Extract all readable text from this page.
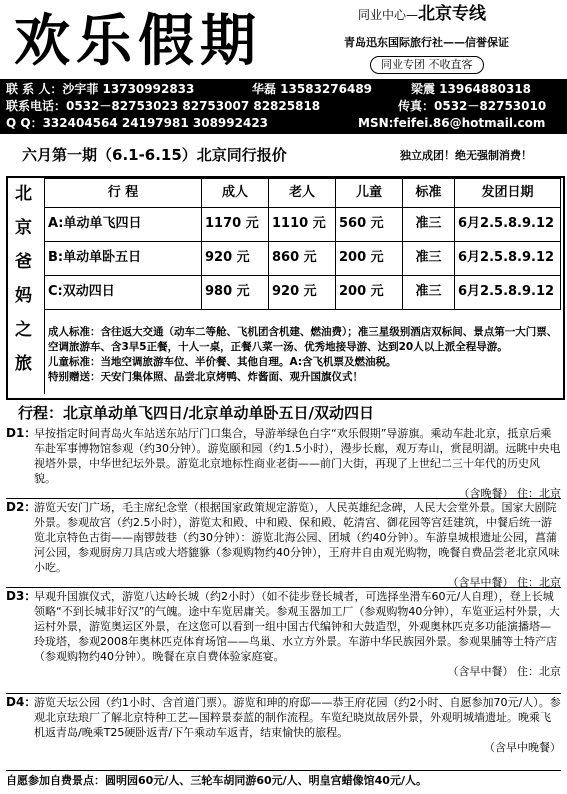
欢乐假期	同业中心—北京专线
青岛迅东国际旅行社——信誉保证
同业专团 不收直客
联 系 人：沙宇菲 13730992833	华磊 13583276489	梁震 13964880318
联系电话：0532－82753023 82753007 82825818	传真：0532－82753010
Q Q：332404564 24197981 308992423	MSN:feifei.86@hotmail.com
六月第一期（6.1-6.15）北京同行报价	独立成团！绝无强制消费！
北
京
爸
妈
之
旅
行 程	成人	老人	儿童	标准	发团日期
A:单动单飞四日	1170 元	1110 元	560 元	准三	6月2.5.8.9.12
B:单动单卧五日	920 元	860 元	200 元	准三	6月2.5.8.9.12
C:双动四日	980 元	920 元	200 元	准三	6月2.5.8.9.12
成人标准：含往返大交通（动车二等舱、飞机团含机建、燃油费）；准三星级别酒店双标间、景点第一大门票、空调旅游车、含3早5正餐，十人一桌，正餐八菜一汤、优秀地接导游、达到20人以上派全程导游。
儿童标准：当地空调旅游车位、半价餐、其他自理。A:含飞机票及燃油税。
特别赠送：天安门集体照、品尝北京烤鸭、炸酱面、观升国旗仪式！
行程：北京单动单飞四日/北京单动单卧五日/双动四日
D1：
早按指定时间青岛火车站送东站厅门口集合，导游举绿色白字“欢乐假期”导游旗。乘动车赴北京，抵京后乘车赴军事博物馆参观（约30分钟）。游览颐和园（约1.5小时），漫步长廊，观万寿山，赏昆明湖。远眺中央电视塔外景，中华世纪坛外景。游览北京地标性商业老街——前门大街，再现了上世纪二三十年代的历史风貌。
（含晚餐） 住：北京
D2：
游览天安门广场，毛主席纪念堂（根据国家政策规定游览），人民英雄纪念碑，人民大会堂外景。国家大剧院外景。参观故宫（约2.5小时），游览太和殿、中和殿、保和殿、乾清宫、御花园等宫廷建筑，中餐后统一游览北京特色古街——南锣鼓巷（约30分钟）：游览北海公园、团城（约40分钟）。车游皇城根遗址公园，菖蒲河公园，参观厨房刀具店或大塔貔貅（参观购物约40分钟），王府井自由观光购物，晚餐自费品尝老北京风味小吃。
（含早中餐） 住：北京
D3：
早观升国旗仪式，游览八达岭长城（约2小时）（如不徒步登长城者，可选择坐滑车60元/人自理），登上长城领略“不到长城非好汉”的气魄。途中车览居庸关。参观玉器加工厂（参观购物40分钟），车览亚运村外景，大运村外景，游览奥运区外景，在这您可以看到一组中国古代编钟和大鼓造型，外观奥林匹克多功能演播塔—玲珑塔，参观2008年奥林匹克体育场馆——鸟巢、水立方外景。车游中华民族园外景。参观果脯等土特产店（参观购物约40分钟）。晚餐在京自费体验家庭宴。
（含早中餐） 住：北京
D4：
游览天坛公园（约1小时、含首道门票）。游览和珅的府邸——恭王府花园（约2小时、自愿参加70元/人）。参观北京珐琅厂了解北京特种工艺—国粹景泰蓝的制作流程。车览纪晓岚故居外景，外观明城墙遗址。晚乘飞机返青岛/晚乘T25硬卧返青/下午乘动车返青，结束愉快的旅程。
（含早中晚餐）
自愿参加自费景点：圆明园60元/人、三轮车胡同游60元/人、明皇宫蜡像馆40元/人。
